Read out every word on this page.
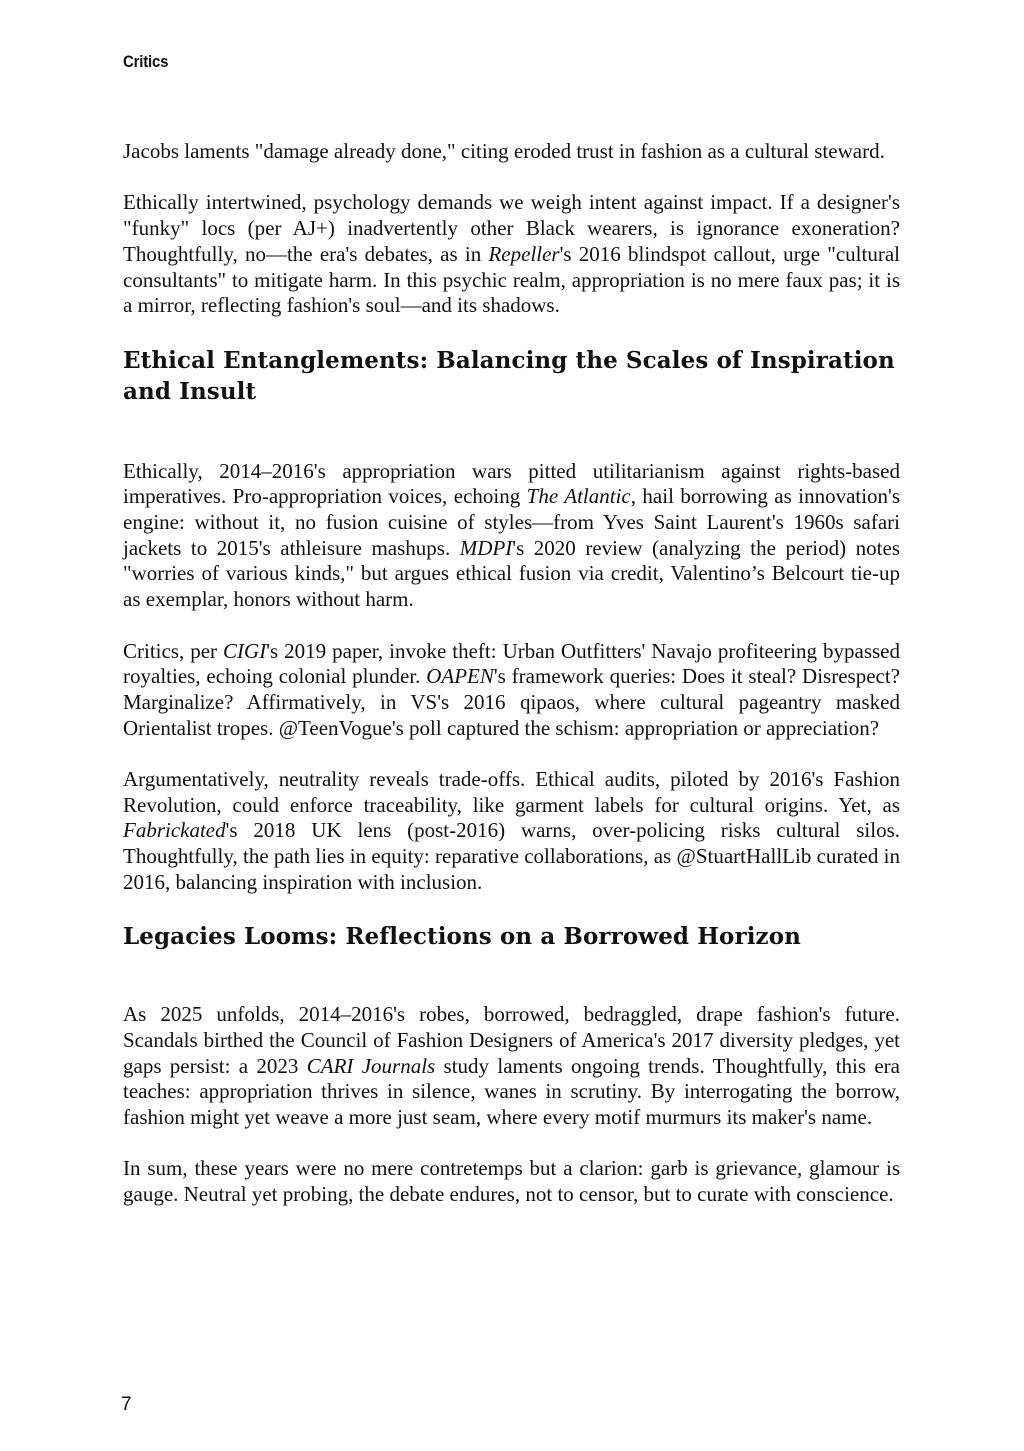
Critics

Jacobs laments "damage already done," citing eroded trust in fashion as a cultural steward.

Ethically intertwined, psychology demands we weigh intent against impact. If a designer's "funky" locs (per AJ+) inadvertently other Black wearers, is ignorance exoneration? Thoughtfully, no—the era's debates, as in Repeller's 2016 blindspot callout, urge "cultural consultants" to mitigate harm. In this psychic realm, appropriation is no mere faux pas; it is a mirror, reflecting fashion's soul—and its shadows.

Ethical Entanglements: Balancing the Scales of Inspiration and Insult

Ethically, 2014–2016's appropriation wars pitted utilitarianism against rights-based imperatives. Pro-appropriation voices, echoing The Atlantic, hail borrowing as innovation's engine: without it, no fusion cuisine of styles—from Yves Saint Laurent's 1960s safari jackets to 2015's athleisure mashups. MDPI's 2020 review (analyzing the period) notes "worries of various kinds," but argues ethical fusion via credit, Valentino’s Belcourt tie-up as exemplar, honors without harm.

Critics, per CIGI's 2019 paper, invoke theft: Urban Outfitters' Navajo profiteering bypassed royalties, echoing colonial plunder. OAPEN's framework queries: Does it steal? Disrespect? Marginalize? Affirmatively, in VS's 2016 qipaos, where cultural pageantry masked Orientalist tropes. @TeenVogue's poll captured the schism: appropriation or appreciation?

Argumentatively, neutrality reveals trade-offs. Ethical audits, piloted by 2016's Fashion Revolution, could enforce traceability, like garment labels for cultural origins. Yet, as Fabrickated's 2018 UK lens (post-2016) warns, over-policing risks cultural silos. Thoughtfully, the path lies in equity: reparative collaborations, as @StuartHallLib curated in 2016, balancing inspiration with inclusion.

Legacies Looms: Reflections on a Borrowed Horizon

As 2025 unfolds, 2014–2016's robes, borrowed, bedraggled, drape fashion's future. Scandals birthed the Council of Fashion Designers of America's 2017 diversity pledges, yet gaps persist: a 2023 CARI Journals study laments ongoing trends. Thoughtfully, this era teaches: appropriation thrives in silence, wanes in scrutiny. By interrogating the borrow, fashion might yet weave a more just seam, where every motif murmurs its maker's name.

In sum, these years were no mere contretemps but a clarion: garb is grievance, glamour is gauge. Neutral yet probing, the debate endures, not to censor, but to curate with conscience.

7
